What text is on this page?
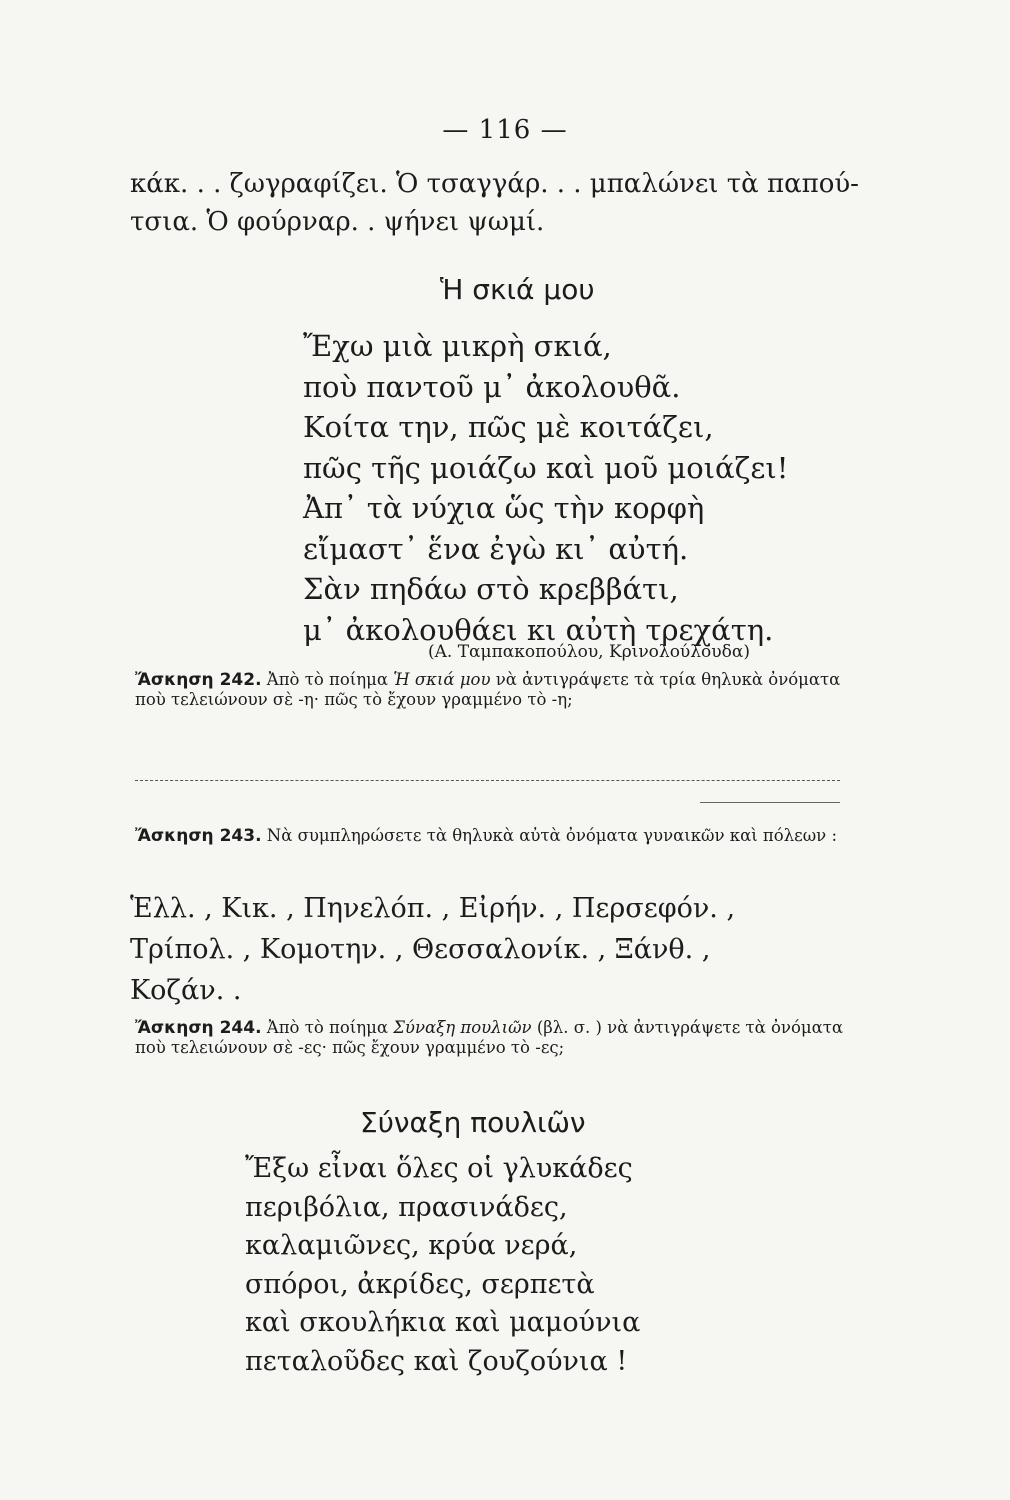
— 116 —
κάκ. . . ζωγραφίζει. Ὁ τσαγγάρ. . . μπαλώνει τὰ παπού-
τσια. Ὁ φούρναρ. . ψήνει ψωμί.
Ἡ σκιά μου
Ἔχω μιὰ μικρὴ σκιά,
ποὺ παντοῦ μ᾽ ἀκολουθᾶ.
Κοίτα την, πῶς μὲ κοιτάζει,
πῶς τῆς μοιάζω καὶ μοῦ μοιάζει!
Ἀπ᾽ τὰ νύχια ὥς τὴν κορφὴ
εἴμαστ᾽ ἕνα ἐγὼ κι᾽ αὐτή.
Σὰν πηδάω στὸ κρεββάτι,
μ᾽ ἀκολουθάει κι αὐτὴ τρεχάτη.
(Α. Ταμπακοπούλου, Κρινολούλουδα)
Ἄσκηση 242. Ἀπὸ τὸ ποίημα Ἡ σκιά μου νὰ ἀντιγράψετε τὰ τρία θηλυκὰ ὀνόματα ποὺ τελειώνουν σὲ -η· πῶς τὸ ἔχουν γραμμένο τὸ -η;
Ἄσκηση 243. Νὰ συμπληρώσετε τὰ θηλυκὰ αὐτὰ ὀνόματα γυναικῶν καὶ πόλεων :
Ἑλλ. , Κικ. , Πηνελόπ. , Εἰρήν. , Περσεφόν. ,
Τρίπολ. , Κομοτην. , Θεσσαλονίκ. , Ξάνθ. ,
Κοζάν. .
Ἄσκηση 244. Ἀπὸ τὸ ποίημα Σύναξη πουλιῶν (βλ. σ. ) νὰ ἀντιγράψετε τὰ ὀνόματα ποὺ τελειώνουν σὲ -ες· πῶς ἔχουν γραμμένο τὸ -ες;
Σύναξη πουλιῶν
Ἔξω εἶναι ὅλες οἱ γλυκάδες
περιβόλια, πρασινάδες,
καλαμιῶνες, κρύα νερά,
σπόροι, ἀκρίδες, σερπετὰ
καὶ σκουλήκια καὶ μαμούνια
πεταλοῦδες καὶ ζουζούνια !
